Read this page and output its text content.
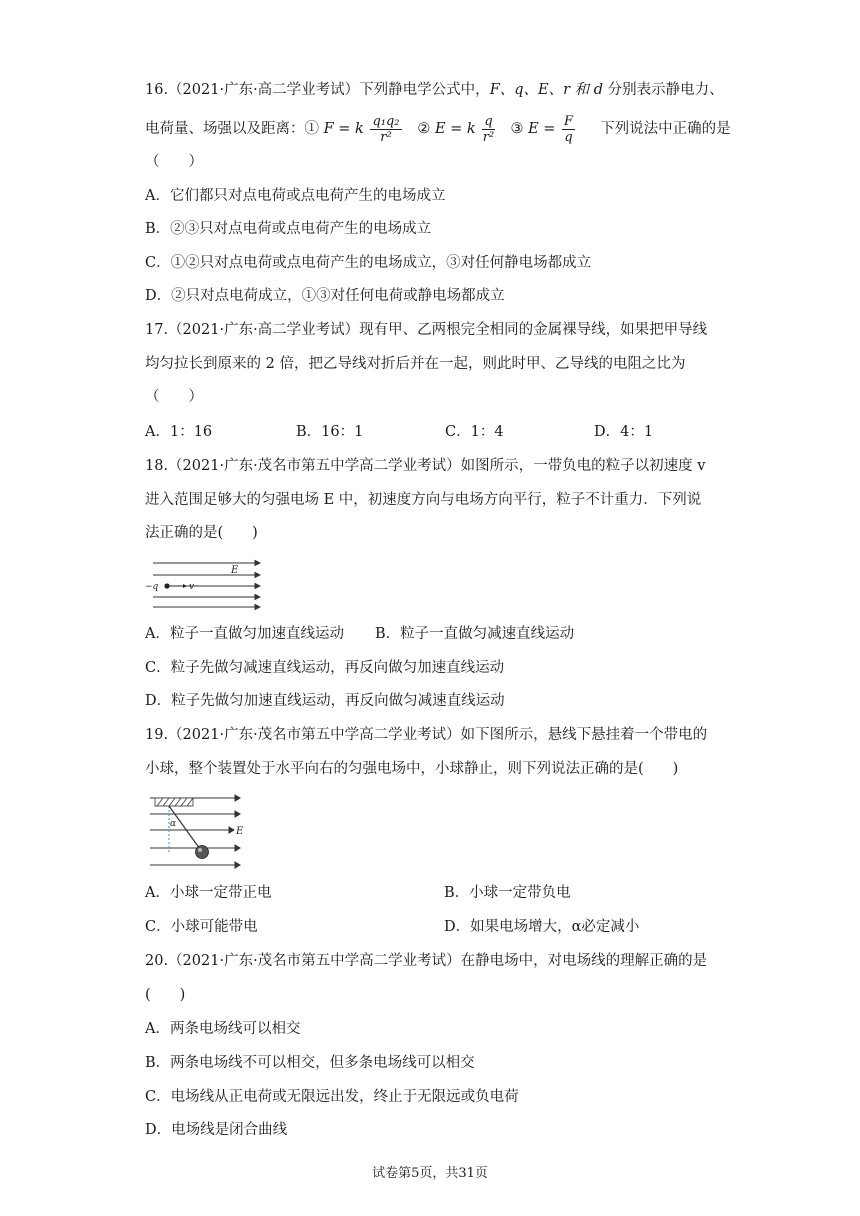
16.（2021·广东·高二学业考试）下列静电学公式中，F、q、E、r 和 d 分别表示静电力、
电荷量、场强以及距离：① F = k $\frac{\text{q₁q₂}}{\text{r²}}$ ② E = k $\frac{q}{\text{r²}}$ ③ $E = \frac{F}{q}$ 下列说法中正确的是
（　　）
A．它们都只对点电荷或点电荷产生的电场成立
B．②③只对点电荷或点电荷产生的电场成立
C．①②只对点电荷或点电荷产生的电场成立，③对任何静电场都成立
D．②只对点电荷成立，①③对任何电荷或静电场都成立
17.（2021·广东·高二学业考试）现有甲、乙两根完全相同的金属裸导线，如果把甲导线
均匀拉长到原来的 2 倍，把乙导线对折后并在一起，则此时甲、乙导线的电阻之比为
（　　）
A．1：16	B．16：1	C．1：4	D．4：1
18.（2021·广东·茂名市第五中学高二学业考试）如图所示，一带负电的粒子以初速度 v
进入范围足够大的匀强电场 E 中，初速度方向与电场方向平行，粒子不计重力．下列说
法正确的是(　　)
−q	v
E
A．粒子一直做匀加速直线运动 B．粒子一直做匀减速直线运动
C．粒子先做匀减速直线运动，再反向做匀加速直线运动
D．粒子先做匀加速直线运动，再反向做匀减速直线运动
19.（2021·广东·茂名市第五中学高二学业考试）如下图所示，悬线下悬挂着一个带电的
小球，整个装置处于水平向右的匀强电场中，小球静止，则下列说法正确的是(　　)
α
E
A．小球一定带正电	B．小球一定带负电
C．小球可能带电	D．如果电场增大，α必定减小
20.（2021·广东·茂名市第五中学高二学业考试）在静电场中，对电场线的理解正确的是
(　　)
A．两条电场线可以相交
B．两条电场线不可以相交，但多条电场线可以相交
C．电场线从正电荷或无限远出发，终止于无限远或负电荷
D．电场线是闭合曲线
试卷第5页，共31页
